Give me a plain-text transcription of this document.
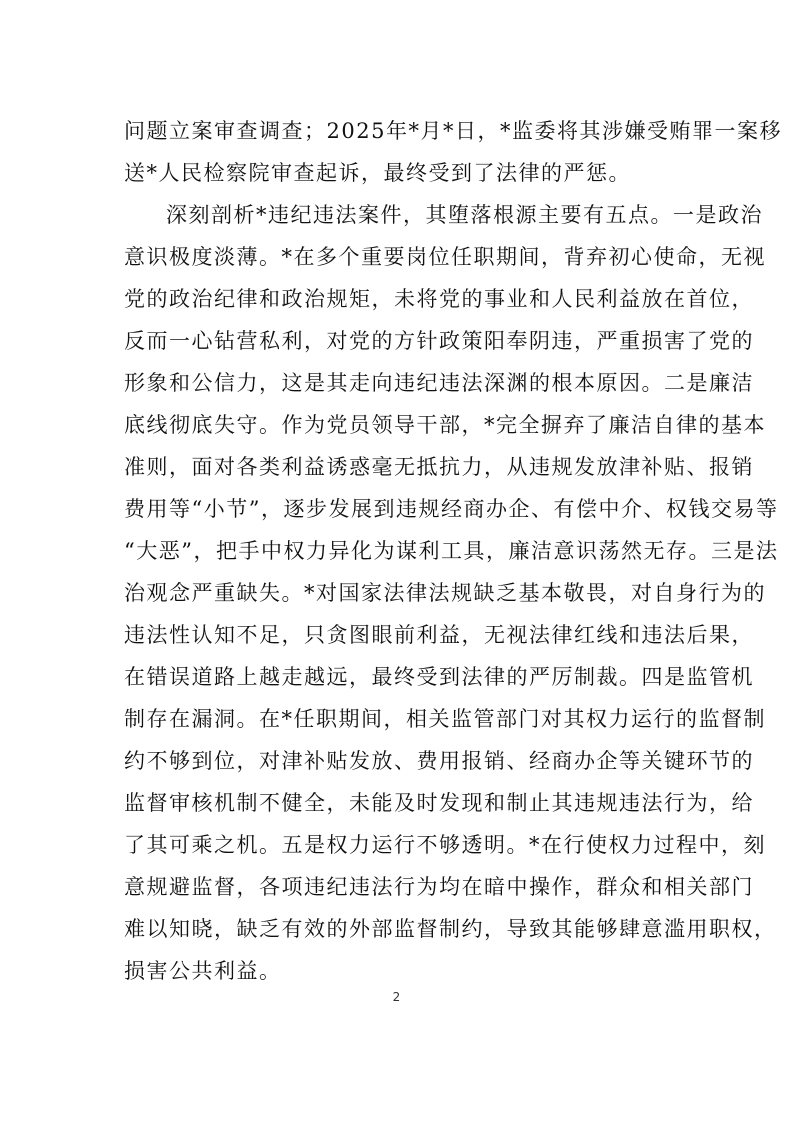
问题立案审查调查；2025年*月*日，*监委将其涉嫌受贿罪一案移
送*人民检察院审查起诉，最终受到了法律的严惩。
深刻剖析*违纪违法案件，其堕落根源主要有五点。一是政治
意识极度淡薄。*在多个重要岗位任职期间，背弃初心使命，无视
党的政治纪律和政治规矩，未将党的事业和人民利益放在首位，
反而一心钻营私利，对党的方针政策阳奉阴违，严重损害了党的
形象和公信力，这是其走向违纪违法深渊的根本原因。二是廉洁
底线彻底失守。作为党员领导干部，*完全摒弃了廉洁自律的基本
准则，面对各类利益诱惑毫无抵抗力，从违规发放津补贴、报销
费用等“小节”，逐步发展到违规经商办企、有偿中介、权钱交易等
“大恶”，把手中权力异化为谋利工具，廉洁意识荡然无存。三是法
治观念严重缺失。*对国家法律法规缺乏基本敬畏，对自身行为的
违法性认知不足，只贪图眼前利益，无视法律红线和违法后果，
在错误道路上越走越远，最终受到法律的严厉制裁。四是监管机
制存在漏洞。在*任职期间，相关监管部门对其权力运行的监督制
约不够到位，对津补贴发放、费用报销、经商办企等关键环节的
监督审核机制不健全，未能及时发现和制止其违规违法行为，给
了其可乘之机。五是权力运行不够透明。*在行使权力过程中，刻
意规避监督，各项违纪违法行为均在暗中操作，群众和相关部门
难以知晓，缺乏有效的外部监督制约，导致其能够肆意滥用职权，
损害公共利益。
2
